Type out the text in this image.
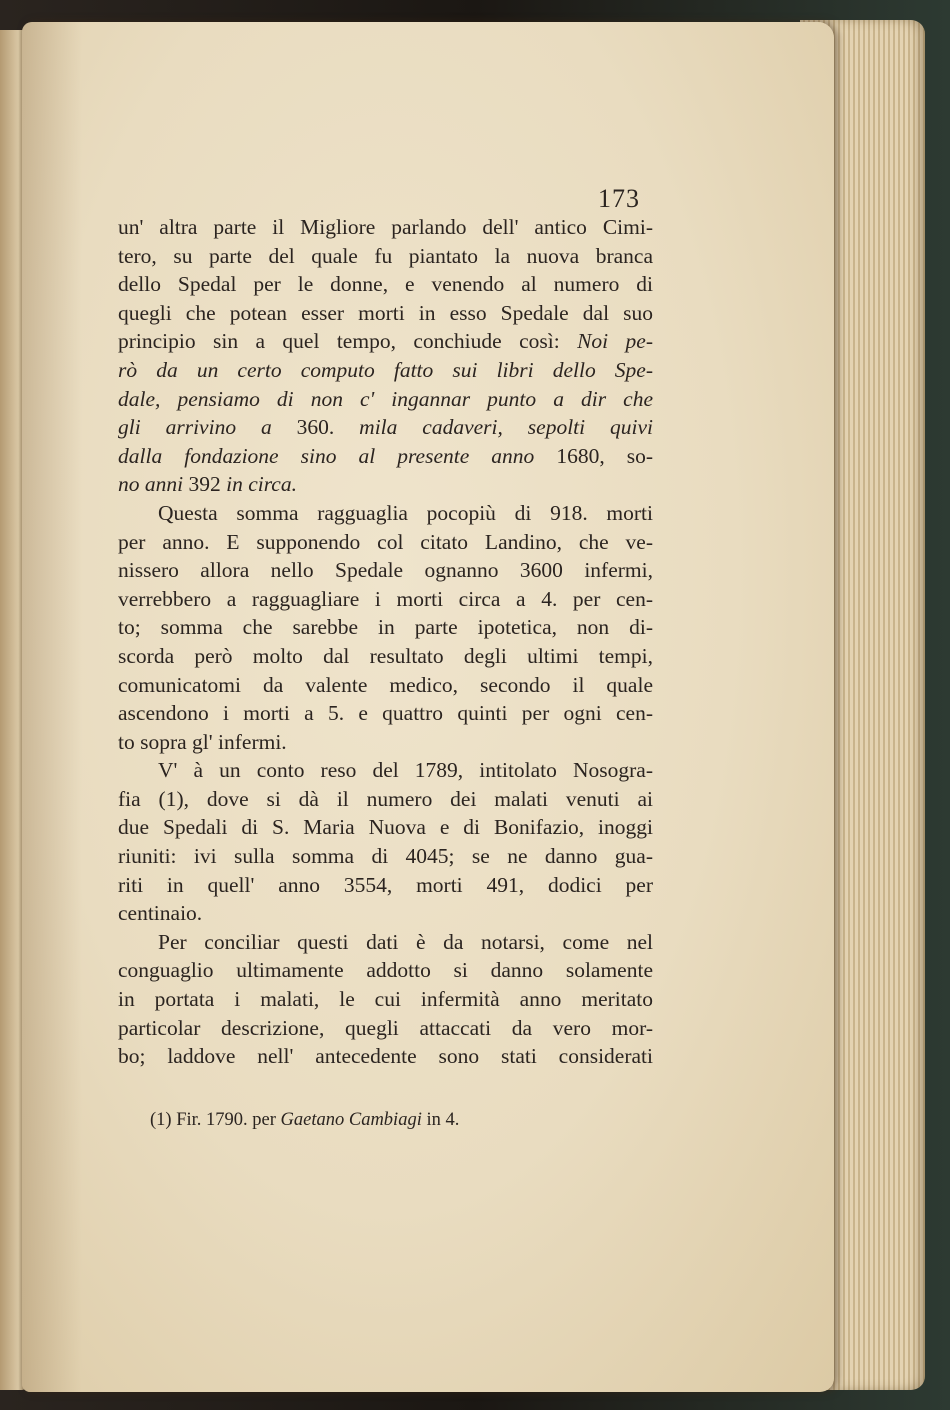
173
un' altra parte il Migliore parlando dell' antico Cimi-
tero, su parte del quale fu piantato la nuova branca
dello Spedal per le donne, e venendo al numero di
quegli che potean esser morti in esso Spedale dal suo
principio sin a quel tempo, conchiude così: Noi pe-
rò da un certo computo fatto sui libri dello Spe-
dale, pensiamo di non c' ingannar punto a dir che
gli arrivino a 360. mila cadaveri, sepolti quivi
dalla fondazione sino al presente anno 1680, so-
no anni 392 in circa.
Questa somma ragguaglia pocopiù di 918. morti
per anno. E supponendo col citato Landino, che ve-
nissero allora nello Spedale ognanno 3600 infermi,
verrebbero a ragguagliare i morti circa a 4. per cen-
to; somma che sarebbe in parte ipotetica, non di-
scorda però molto dal resultato degli ultimi tempi,
comunicatomi da valente medico, secondo il quale
ascendono i morti a 5. e quattro quinti per ogni cen-
to sopra gl' infermi.
V' à un conto reso del 1789, intitolato Nosogra-
fia (1), dove si dà il numero dei malati venuti ai
due Spedali di S. Maria Nuova e di Bonifazio, inoggi
riuniti: ivi sulla somma di 4045; se ne danno gua-
riti in quell' anno 3554, morti 491, dodici per
centinaio.
Per conciliar questi dati è da notarsi, come nel
conguaglio ultimamente addotto si danno solamente
in portata i malati, le cui infermità anno meritato
particolar descrizione, quegli attaccati da vero mor-
bo; laddove nell' antecedente sono stati considerati
(1) Fir. 1790. per Gaetano Cambiagi in 4.
